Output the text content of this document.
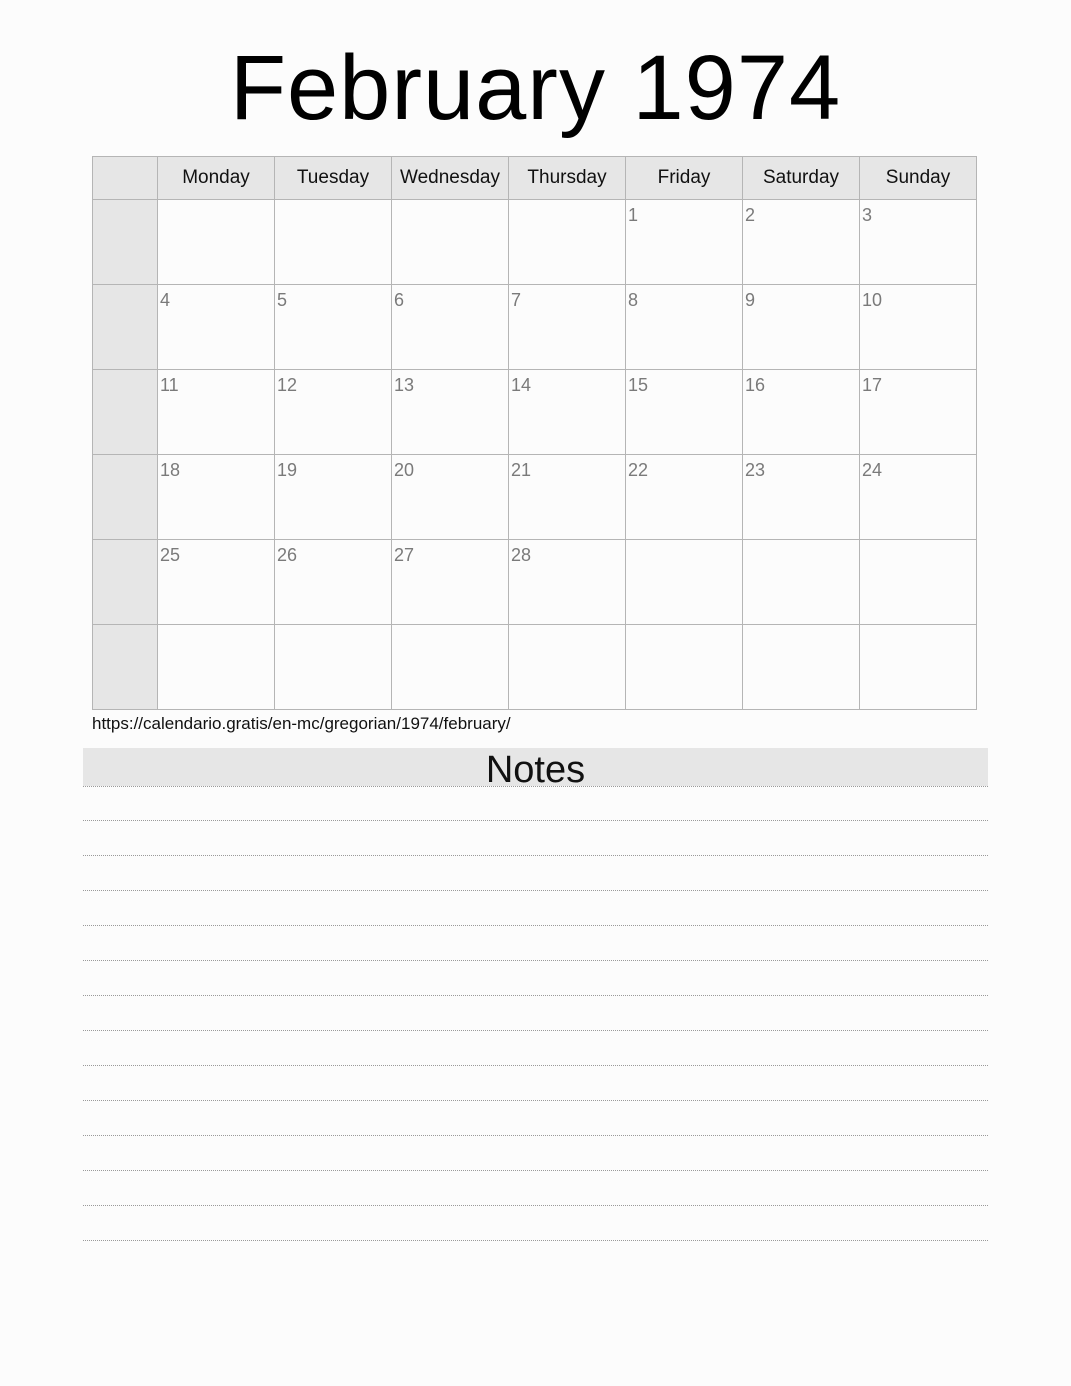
February 1974
	Monday	Tuesday	Wednesday	Thursday	Friday	Saturday	Sunday

					1	2	3

	4	5	6	7	8	9	10

	11	12	13	14	15	16	17

	18	19	20	21	22	23	24

	25	26	27	28			

https://calendario.gratis/en-mc/gregorian/1974/february/
Notes
